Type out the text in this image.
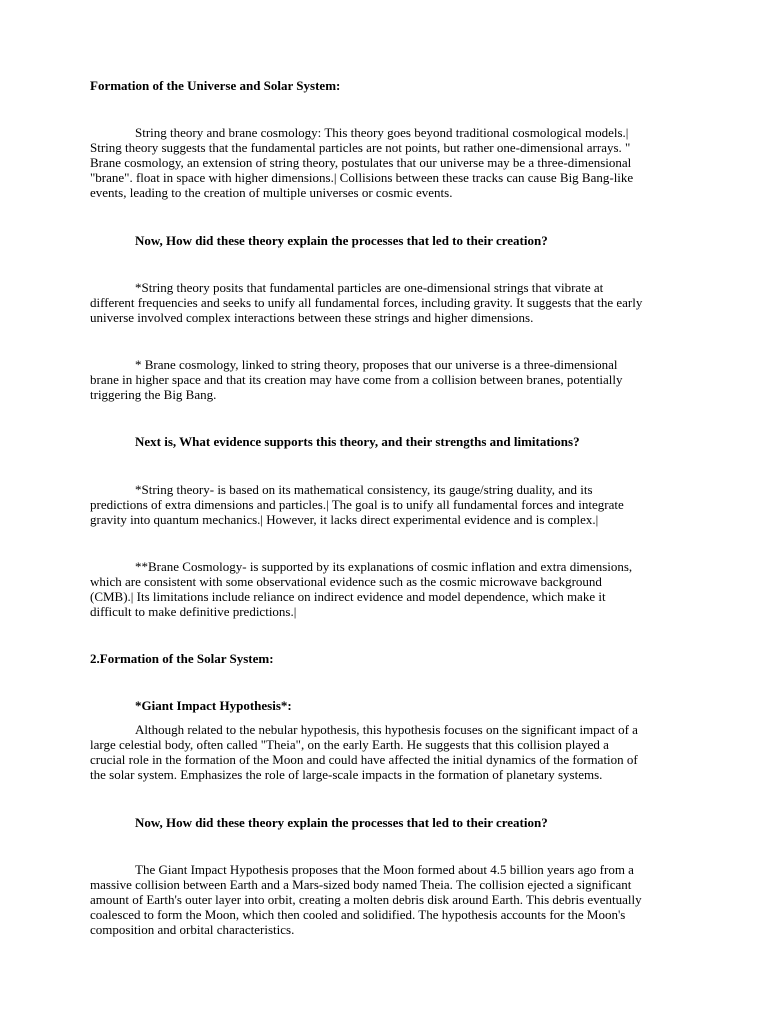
Formation of the Universe and Solar System:

String theory and brane cosmology: This theory goes beyond traditional cosmological models.|
String theory suggests that the fundamental particles are not points, but rather one-dimensional arrays. "
Brane cosmology, an extension of string theory, postulates that our universe may be a three-dimensional
"brane". float in space with higher dimensions.| Collisions between these tracks can cause Big Bang-like
events, leading to the creation of multiple universes or cosmic events.

Now, How did these theory explain the processes that led to their creation?

*String theory posits that fundamental particles are one-dimensional strings that vibrate at
different frequencies and seeks to unify all fundamental forces, including gravity. It suggests that the early
universe involved complex interactions between these strings and higher dimensions.
* Brane cosmology, linked to string theory, proposes that our universe is a three-dimensional
brane in higher space and that its creation may have come from a collision between branes, potentially
triggering the Big Bang.

Next is, What evidence supports this theory, and their strengths and limitations?

*String theory- is based on its mathematical consistency, its gauge/string duality, and its
predictions of extra dimensions and particles.| The goal is to unify all fundamental forces and integrate
gravity into quantum mechanics.| However, it lacks direct experimental evidence and is complex.|
**Brane Cosmology- is supported by its explanations of cosmic inflation and extra dimensions,
which are consistent with some observational evidence such as the cosmic microwave background
(CMB).| Its limitations include reliance on indirect evidence and model dependence, which make it
difficult to make definitive predictions.|

2.Formation of the Solar System:

*Giant Impact Hypothesis*:

Although related to the nebular hypothesis, this hypothesis focuses on the significant impact of a
large celestial body, often called "Theia", on the early Earth. He suggests that this collision played a
crucial role in the formation of the Moon and could have affected the initial dynamics of the formation of
the solar system. Emphasizes the role of large-scale impacts in the formation of planetary systems.

Now, How did these theory explain the processes that led to their creation?

The Giant Impact Hypothesis proposes that the Moon formed about 4.5 billion years ago from a
massive collision between Earth and a Mars-sized body named Theia. The collision ejected a significant
amount of Earth's outer layer into orbit, creating a molten debris disk around Earth. This debris eventually
coalesced to form the Moon, which then cooled and solidified. The hypothesis accounts for the Moon's
composition and orbital characteristics.
